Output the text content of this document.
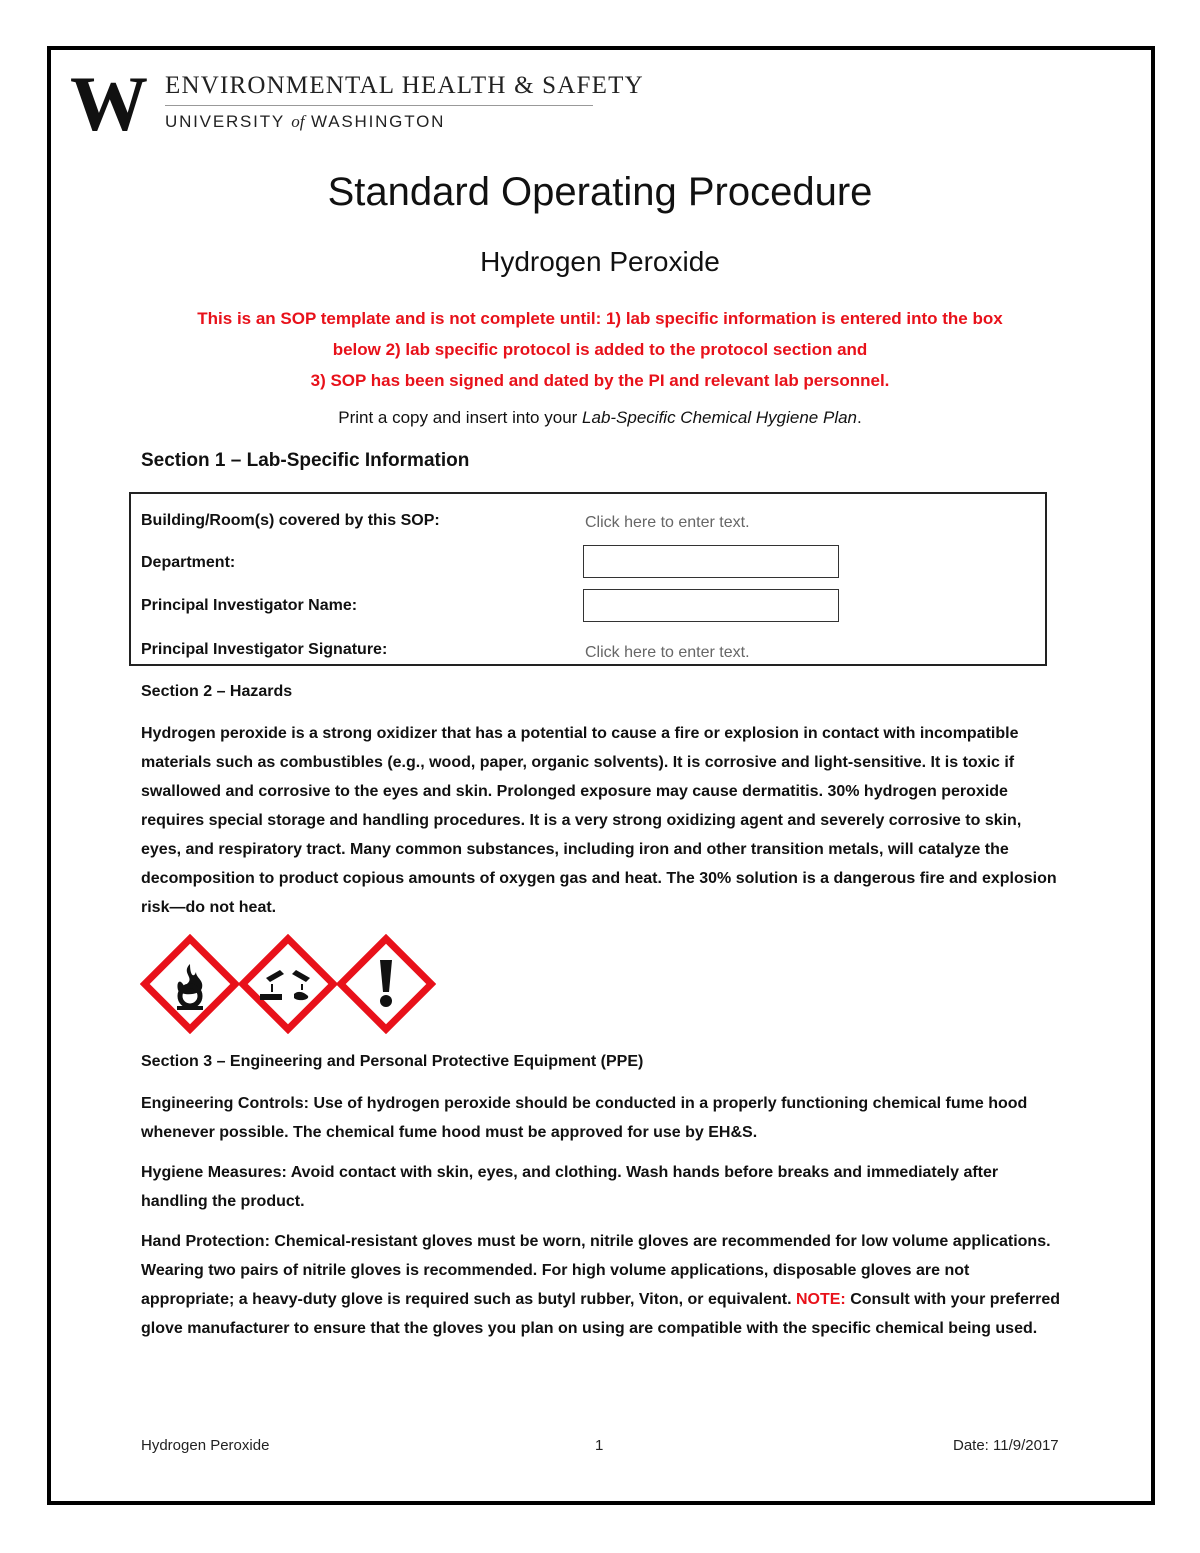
W ENVIRONMENTAL HEALTH & SAFETY
UNIVERSITY of WASHINGTON
Standard Operating Procedure
Hydrogen Peroxide
This is an SOP template and is not complete until: 1) lab specific information is entered into the box
below 2) lab specific protocol is added to the protocol section and
3) SOP has been signed and dated by the PI and relevant lab personnel.
Print a copy and insert into your Lab-Specific Chemical Hygiene Plan.
Section 1 – Lab-Specific Information
Building/Room(s) covered by this SOP:	Click here to enter text.
Department:
Principal Investigator Name:
Principal Investigator Signature:	Click here to enter text.
Section 2 – Hazards
Hydrogen peroxide is a strong oxidizer that has a potential to cause a fire or explosion in contact with incompatible materials such as combustibles (e.g., wood, paper, organic solvents). It is corrosive and light-sensitive. It is toxic if swallowed and corrosive to the eyes and skin. Prolonged exposure may cause dermatitis. 30% hydrogen peroxide requires special storage and handling procedures. It is a very strong oxidizing agent and severely corrosive to skin, eyes, and respiratory tract. Many common substances, including iron and other transition metals, will catalyze the decomposition to product copious amounts of oxygen gas and heat. The 30% solution is a dangerous fire and explosion risk—do not heat.
Section 3 – Engineering and Personal Protective Equipment (PPE)
Engineering Controls: Use of hydrogen peroxide should be conducted in a properly functioning chemical fume hood whenever possible. The chemical fume hood must be approved for use by EH&S.
Hygiene Measures: Avoid contact with skin, eyes, and clothing. Wash hands before breaks and immediately after handling the product.
Hand Protection: Chemical-resistant gloves must be worn, nitrile gloves are recommended for low volume applications. Wearing two pairs of nitrile gloves is recommended. For high volume applications, disposable gloves are not appropriate; a heavy-duty glove is required such as butyl rubber, Viton, or equivalent. NOTE: Consult with your preferred glove manufacturer to ensure that the gloves you plan on using are compatible with the specific chemical being used.
Hydrogen Peroxide	1	Date: 11/9/2017
